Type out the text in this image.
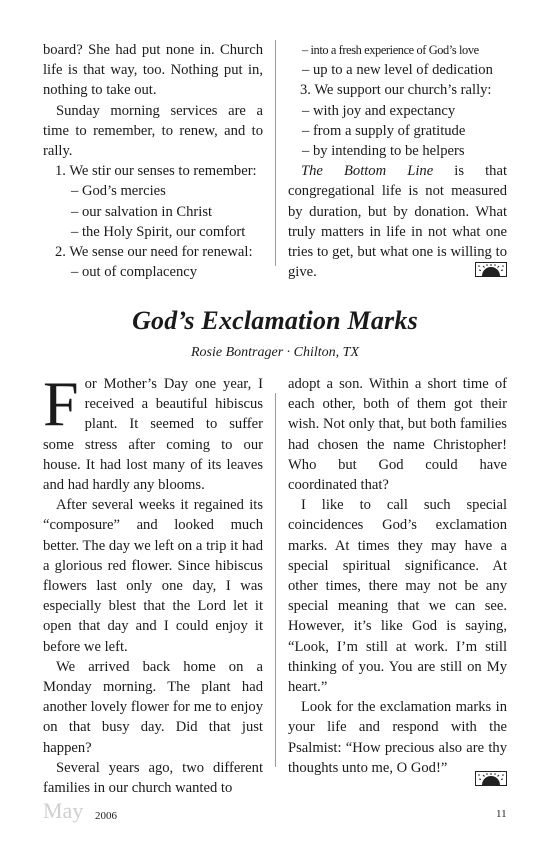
board? She had put none in. Church life is that way, too. Nothing put in, nothing to take out.

Sunday morning services are a time to remember, to renew, and to rally.

1. We stir our senses to remember:
– God’s mercies
– our salvation in Christ
– the Holy Spirit, our comfort
2. We sense our need for renewal:
– out of complacency
– into a fresh experience of God’s love
– up to a new level of dedication
3. We support our church’s rally:
– with joy and expectancy
– from a supply of gratitude
– by intending to be helpers

The Bottom Line is that congregational life is not measured by duration, but by donation. What truly matters in life in not what one tries to get, but what one is willing to give.

God’s Exclamation Marks
Rosie Bontrager · Chilton, TX

For Mother’s Day one year, I received a beautiful hibiscus plant. It seemed to suffer some stress after coming to our house. It had lost many of its leaves and had hardly any blooms.

After several weeks it regained its “composure” and looked much better. The day we left on a trip it had a glorious red flower. Since hibiscus flowers last only one day, I was especially blest that the Lord let it open that day and I could enjoy it before we left.

We arrived back home on a Monday morning. The plant had another lovely flower for me to enjoy on that busy day. Did that just happen?

Several years ago, two different families in our church wanted to

adopt a son. Within a short time of each other, both of them got their wish. Not only that, but both families had chosen the name Christopher! Who but God could have coordinated that?

I like to call such special coincidences God’s exclamation marks. At times they may have a special spiritual significance. At other times, there may not be any special meaning that we can see. However, it’s like God is saying, “Look, I’m still at work. I’m still thinking of you. You are still on My heart.”

Look for the exclamation marks in your life and respond with the Psalmist: “How precious also are thy thoughts unto me, O God!”

May 2006	11
